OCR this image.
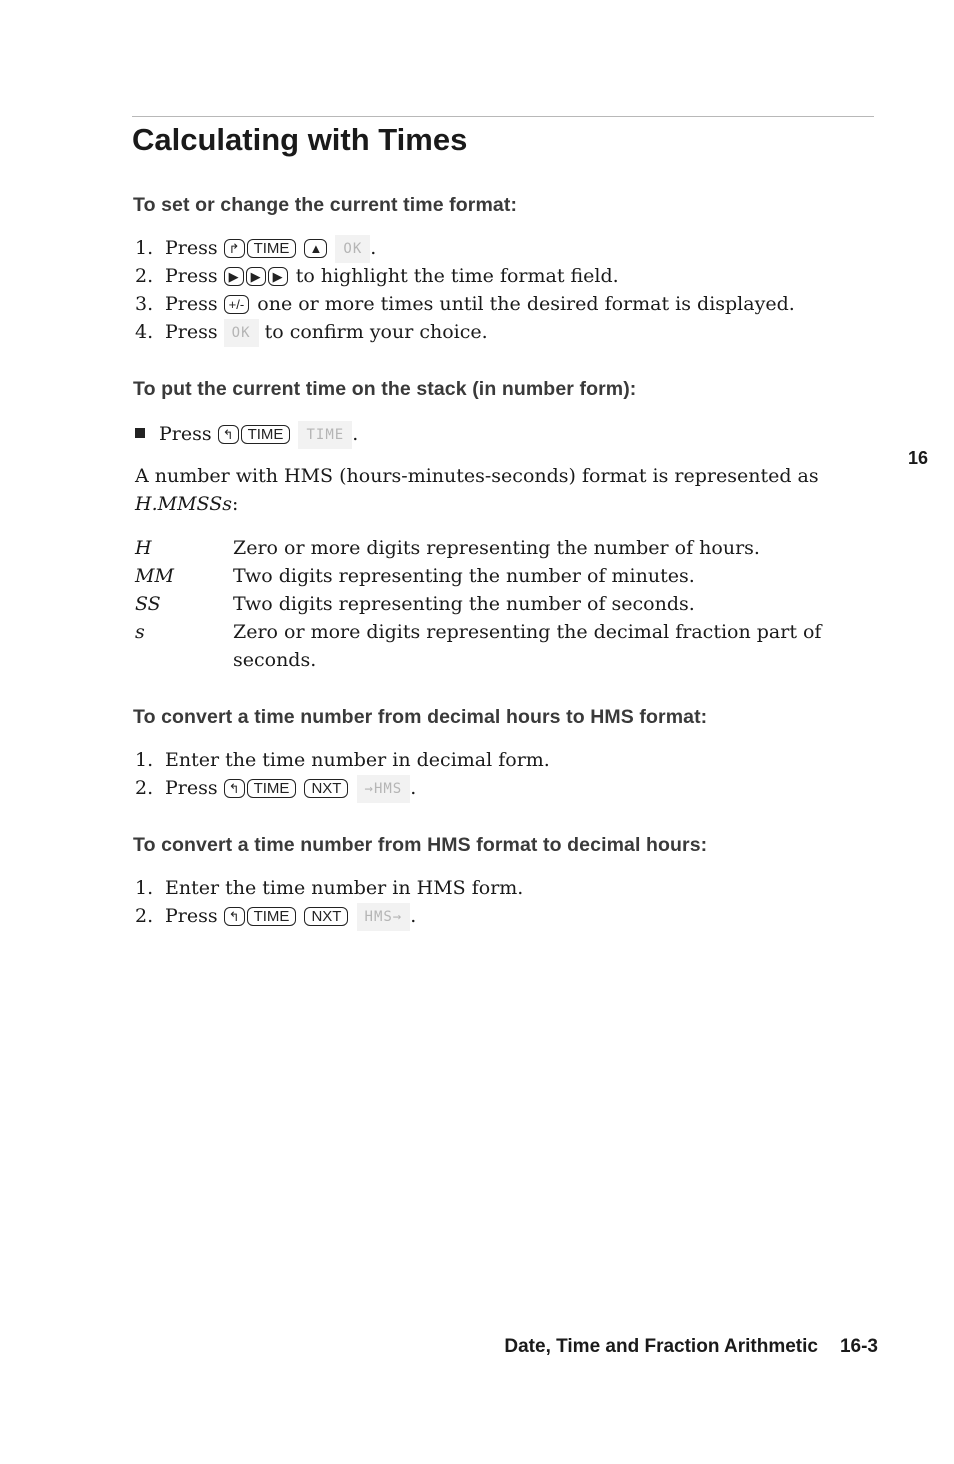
Calculating with Times
To set or change the current time format:
1. Press ↱ TIME ▲ OK .
2. Press ▶ ▶ ▶ to highlight the time format field.
3. Press +/- one or more times until the desired format is displayed.
4. Press OK to confirm your choice.
To put the current time on the stack (in number form):
Press ↰ TIME TIME .
A number with HMS (hours-minutes-seconds) format is represented as
H.MMSSs:
H	Zero or more digits representing the number of hours.
MM	Two digits representing the number of minutes.
SS	Two digits representing the number of seconds.
s	Zero or more digits representing the decimal fraction part of seconds.
To convert a time number from decimal hours to HMS format:
1. Enter the time number in decimal form.
2. Press ↰ TIME NXT →HMS .
To convert a time number from HMS format to decimal hours:
1. Enter the time number in HMS form.
2. Press ↰ TIME NXT HMS→ .
16
Date, Time and Fraction Arithmetic 16-3
